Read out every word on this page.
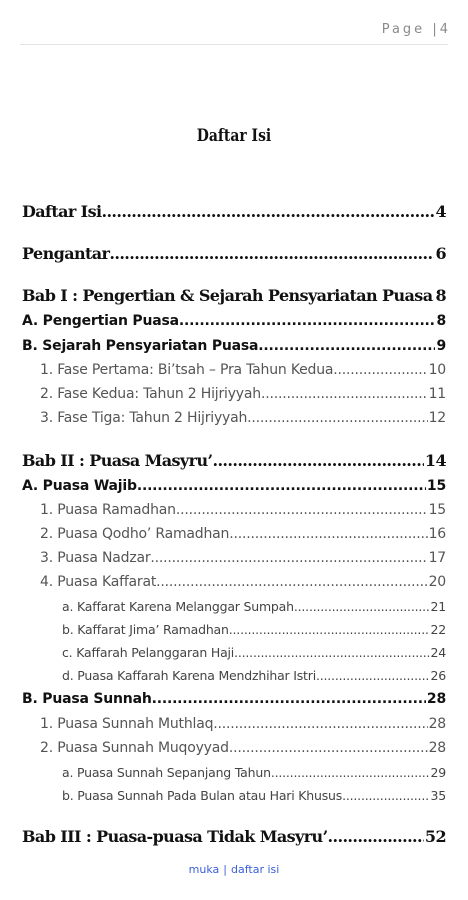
Page |4
Daftar Isi
Daftar Isi .....	4
Pengantar .....	6
Bab I : Pengertian & Sejarah Pensyariatan Puasa ..... 8
A. Pengertian Puasa .....	8
B. Sejarah Pensyariatan Puasa .....	9
1. Fase Pertama: Bi’tsah – Pra Tahun Kedua .....	10
2. Fase Kedua: Tahun 2 Hijriyyah .....	11
3. Fase Tiga: Tahun 2 Hijriyyah .....	12
Bab II : Puasa Masyru’ .....	14
A. Puasa Wajib .....	15
1. Puasa Ramadhan .....	15
2. Puasa Qodho’ Ramadhan .....	16
3. Puasa Nadzar .....	17
4. Puasa Kaffarat .....	20
a. Kaffarat Karena Melanggar Sumpah .....	21
b. Kaffarat Jima’ Ramadhan .....	22
c. Kaffarah Pelanggaran Haji .....	24
d. Puasa Kaffarah Karena Mendzhihar Istri .....	26
B. Puasa Sunnah .....	28
1. Puasa Sunnah Muthlaq .....	28
2. Puasa Sunnah Muqoyyad .....	28
a. Puasa Sunnah Sepanjang Tahun .....	29
b. Puasa Sunnah Pada Bulan atau Hari Khusus .....	35
Bab III : Puasa-puasa Tidak Masyru’ .....	52
muka | daftar isi
